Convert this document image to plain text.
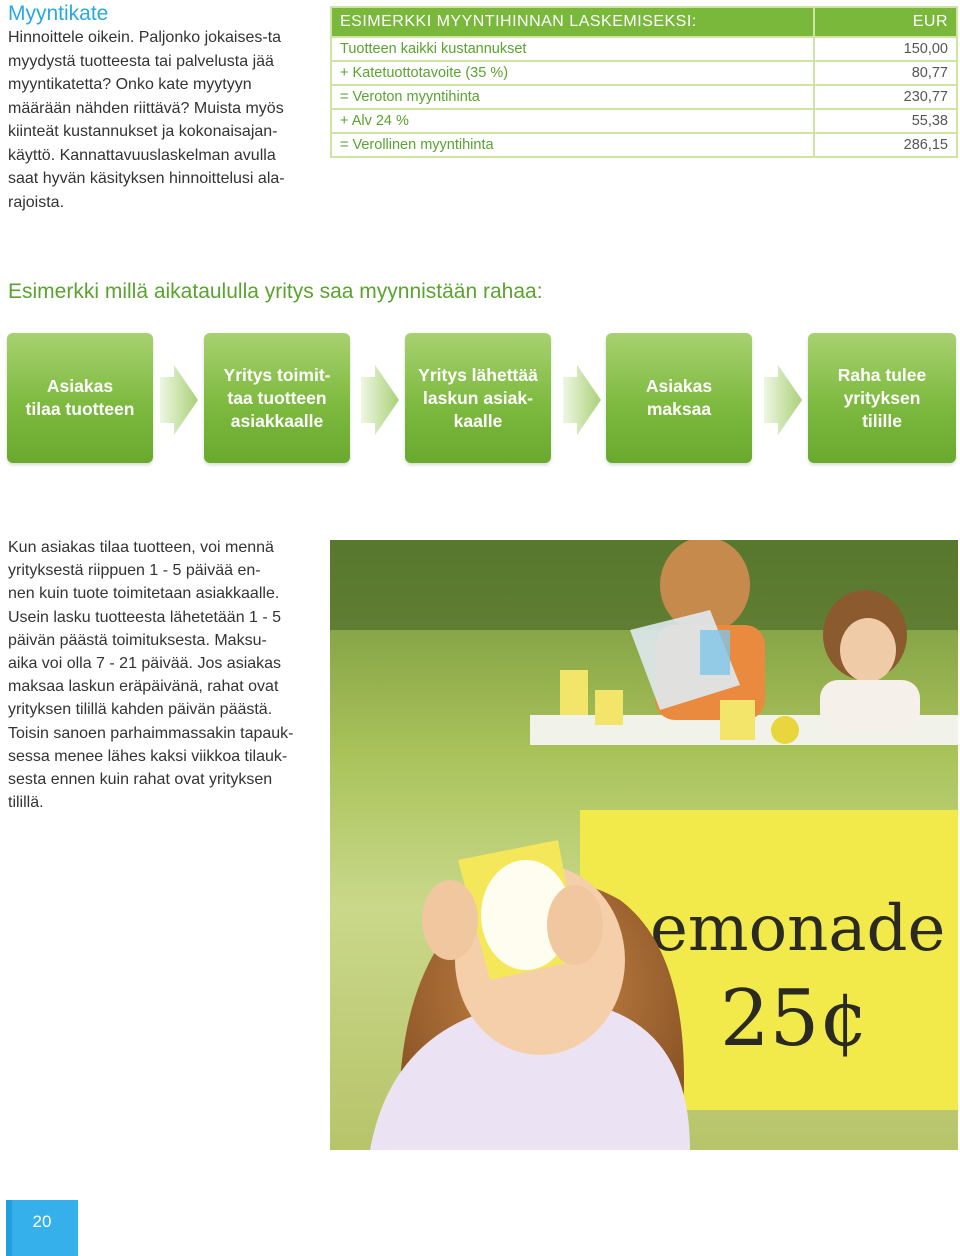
Myyntikate
Hinnoittele oikein. Paljonko jokaises-ta myydystä tuotteesta tai palvelusta jää myyntikatetta? Onko kate myytyyn määrään nähden riittävä? Muista myös kiinteät kustannukset ja kokonaisajan-käyttö. Kannattavuuslaskelman avulla saat hyvän käsityksen hinnoittelusi ala-rajoista.
ESIMERKKI MYYNTIHINNAN LASKEMISEKSI:	EUR
Tuotteen kaikki kustannukset	150,00
+ Katetuottotavoite (35 %)	80,77
= Veroton myyntihinta	230,77
+ Alv 24 %	55,38
= Verollinen myyntihinta	286,15
Esimerkki millä aikataululla yritys saa myynnistään rahaa:
Asiakas
tilaa tuotteen
Yritys toimit-
taa tuotteen
asiakkaalle
Yritys lähettää
laskun asiak-
kaalle
Asiakas
maksaa
Raha tulee
yrityksen
tilille
Kun asiakas tilaa tuotteen, voi mennä
yrityksestä riippuen 1 - 5 päivää en-
nen kuin tuote toimitetaan asiakkaalle.
Usein lasku tuotteesta lähetetään 1 - 5
päivän päästä toimituksesta. Maksu-
aika voi olla 7 - 21 päivää. Jos asiakas
maksaa laskun eräpäivänä, rahat ovat
yrityksen tilillä kahden päivän päästä.
Toisin sanoen parhaimmassakin tapauk-
sessa menee lähes kaksi viikkoa tilauk-
sesta ennen kuin rahat ovat yrityksen
tilillä.
emonade
25¢
20
